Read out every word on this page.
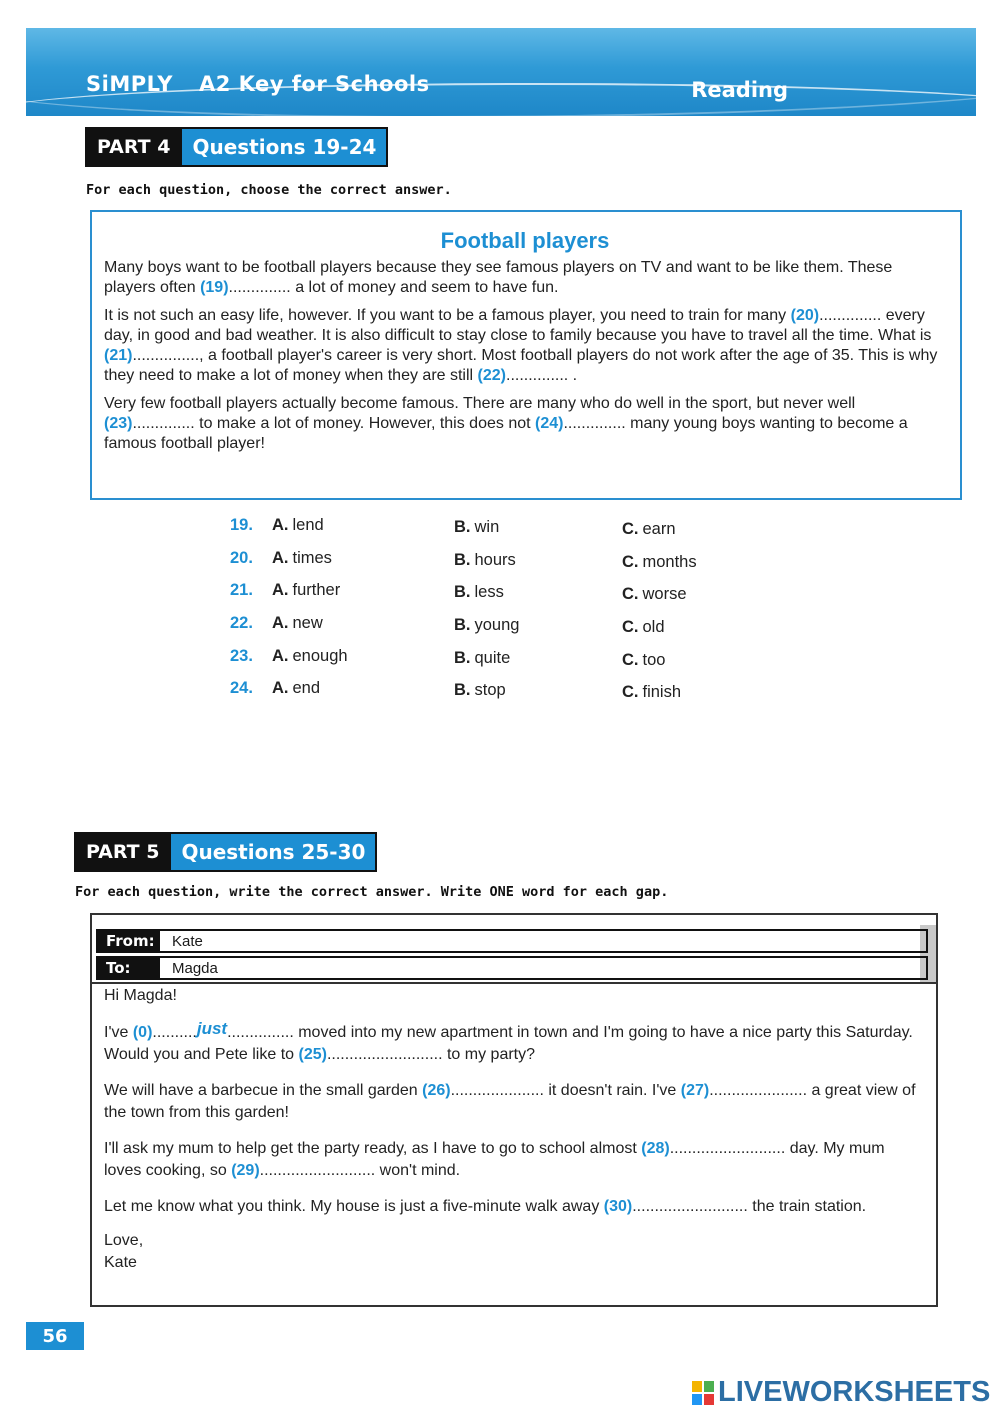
SiMPLY A2 Key for Schools	Reading
PART 4	Questions 19-24
For each question, choose the correct answer.
Football players

Many boys want to be football players because they see famous players on TV and want to be like them. These players often (19).............. a lot of money and seem to have fun.

It is not such an easy life, however. If you want to be a famous player, you need to train for many (20).............. every day, in good and bad weather. It is also difficult to stay close to family because you have to travel all the time. What is (21)..............., a football player's career is very short. Most football players do not work after the age of 35. This is why they need to make a lot of money when they are still (22).............. .

Very few football players actually become famous. There are many who do well in the sport, but never well (23).............. to make a lot of money. However, this does not (24).............. many young boys wanting to become a famous football player!

19. A. lend	B. win	C. earn
20. A. times	B. hours	C. months
21. A. further	B. less	C. worse
22. A. new	B. young	C. old
23. A. enough	B. quite	C. too
24. A. end	B. stop	C. finish
PART 5	Questions 25-30
For each question, write the correct answer. Write ONE word for each gap.
From:	Kate
To:	Magda

Hi Magda!

I've (0)..........just............... moved into my new apartment in town and I'm going to have a nice party this Saturday. Would you and Pete like to (25).......................... to my party?

We will have a barbecue in the small garden (26)..................... it doesn't rain. I've (27)...................... a great view of the town from this garden!

I'll ask my mum to help get the party ready, as I have to go to school almost (28).......................... day. My mum loves cooking, so (29).......................... won't mind.

Let me know what you think. My house is just a five-minute walk away (30).......................... the train station.

Love,
Kate

56
LIVEWORKSHEETS
